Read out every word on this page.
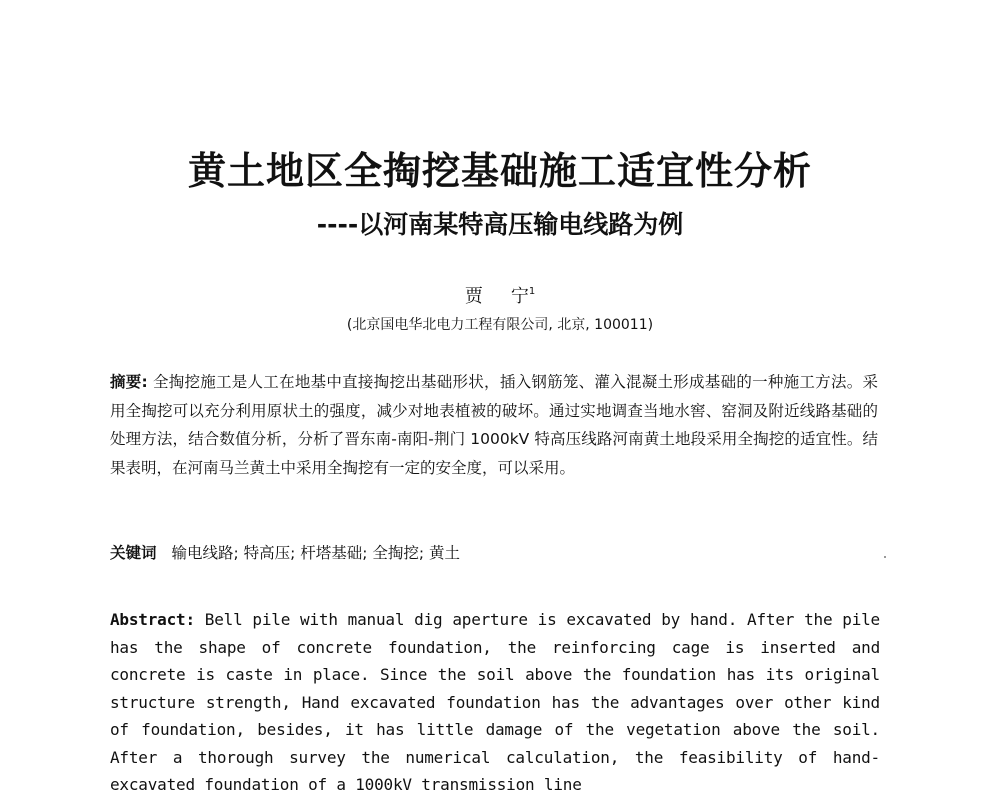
黄土地区全掏挖基础施工适宜性分析
----以河南某特高压输电线路为例
贾 宁$^1$
(北京国电华北电力工程有限公司, 北京, 100011)
摘要: 全掏挖施工是人工在地基中直接掏挖出基础形状，插入钢筋笼、灌入混凝土形成基础的一种施工方法。采用全掏挖可以充分利用原状土的强度，减少对地表植被的破坏。通过实地调查当地水窖、窑洞及附近线路基础的处理方法，结合数值分析，分析了晋东南-南阳-荆门 1000kV 特高压线路河南黄土地段采用全掏挖的适宜性。结果表明，在河南马兰黄土中采用全掏挖有一定的安全度，可以采用。
关键词 输电线路; 特高压; 杆塔基础; 全掏挖; 黄土
Abstract: Bell pile with manual dig aperture is excavated by hand. After the pile has the shape of concrete foundation, the reinforcing cage is inserted and concrete is caste in place. Since the soil above the foundation has its original structure strength, Hand excavated foundation has the advantages over other kind of foundation, besides, it has little damage of the vegetation above the soil. After a thorough survey the numerical calculation, the feasibility of hand-excavated foundation of a 1000kV transmission line
